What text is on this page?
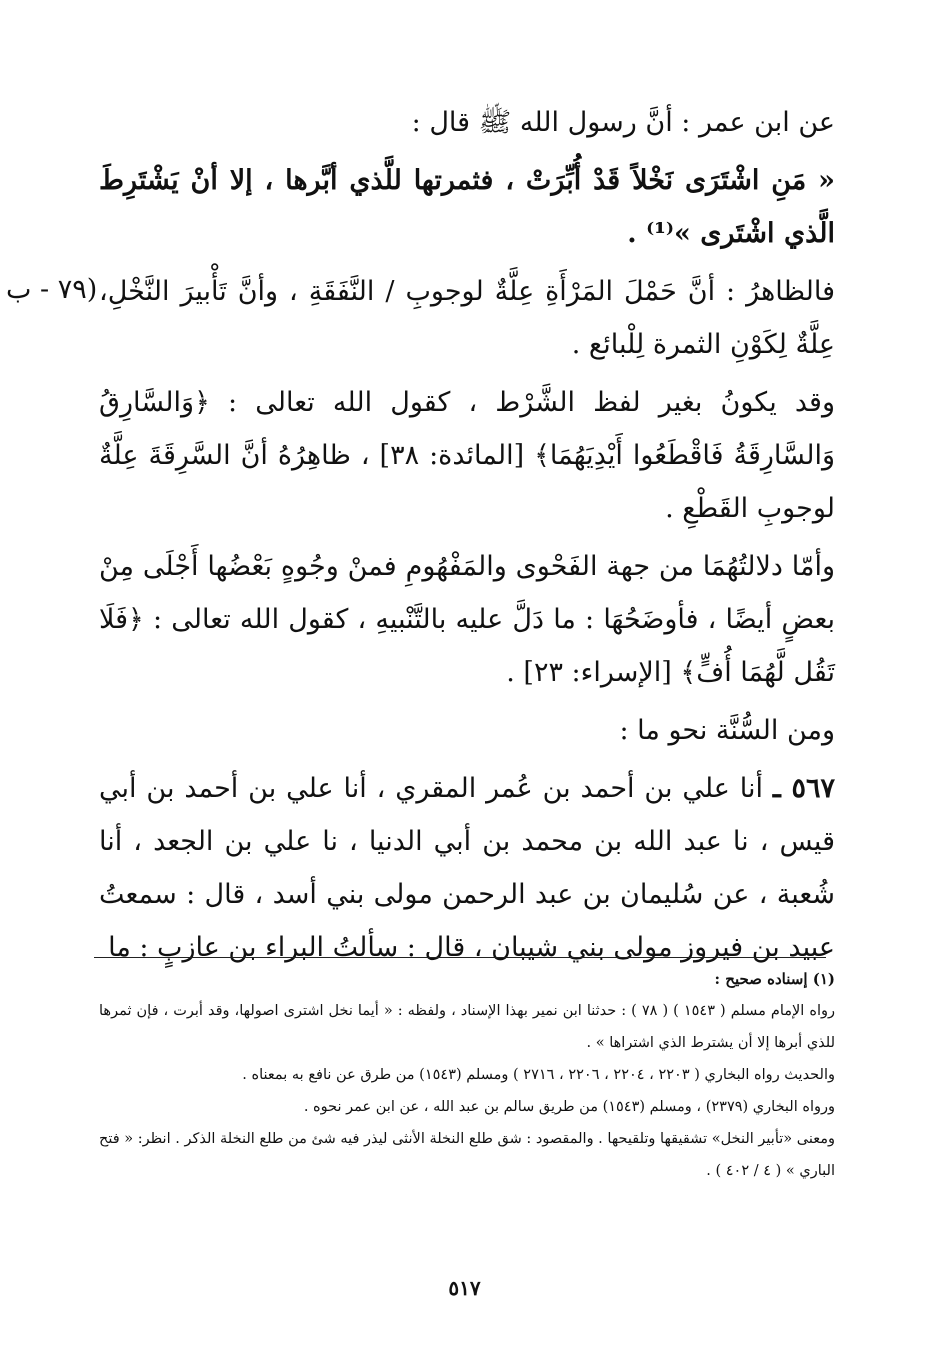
(٧٩ - ب

عن ابن عمر : أنَّ رسول الله ﷺ قال :

« مَنِ اشْتَرَى نَخْلاً قَدْ أُبِّرَتْ ، فثمرتها للَّذي أبَّرها ، إلا أنْ يَشْتَرِطَ الَّذي اشْتَرى »⁽¹⁾ .

فالظاهرُ : أنَّ حَمْلَ المَرْأَةِ عِلَّةٌ لوجوبِ / النَّفَقَةِ ، وأنَّ تَأْبيرَ النَّخْلِ، عِلَّةٌ لِكَوْنِ الثمرة لِلْبائع .

وقد يكونُ بغير لفظ الشَّرْط ، كقول الله تعالى : ﴿وَالسَّارِقُ وَالسَّارِقَةُ فَاقْطَعُوا أَيْدِيَهُمَا﴾ [المائدة: ٣٨] ، ظاهِرُهُ أنَّ السَّرِقَةَ عِلَّةٌ لوجوبِ القَطْعِ .

وأمّا دلالتُهُمَا من جهة الفَحْوى والمَفْهُومِ فمنْ وجُوهٍ بَعْضُها أَجْلَى مِنْ بعضٍ أيضًا ، فأوضَحُهَا : ما دَلَّ عليه بالتَّنْبيهِ ، كقول الله تعالى : ﴿فَلَا تَقُل لَّهُمَا أُفٍّ﴾ [الإسراء: ٢٣] .

ومن السُّنَّة نحو ما :

٥٦٧ ـ أنا علي بن أحمد بن عُمر المقري ، أنا علي بن أحمد بن أبي قيس ، نا عبد الله بن محمد بن أبي الدنيا ، نا علي بن الجعد ، أنا شُعبة ، عن سُليمان بن عبد الرحمن مولى بني أسد ، قال : سمعتُ عبيد بن فيروز مولى بني شيبان ، قال : سألتُ البراء بن عازبٍ : ما

(١) إسناده صحيح :

رواه الإمام مسلم ( ١٥٤٣ ) ( ٧٨ ) : حدثنا ابن نمير بهذا الإسناد ، ولفظه : « أيما نخل اشترى اصولها، وقد أبرت ، فإن ثمرها للذي أبرها إلا أن يشترط الذي اشتراها » .

والحديث رواه البخاري ( ٢٢٠٣ ، ٢٢٠٤ ، ٢٢٠٦ ، ٢٧١٦ ) ومسلم (١٥٤٣) من طرق عن نافع به بمعناه .

ورواه البخاري (٢٣٧٩) ، ومسلم (١٥٤٣) من طريق سالم بن عبد الله ، عن ابن عمر نحوه .

ومعنى «تأبير النخل» تشقيقها وتلقيحها . والمقصود : شق طلع النخلة الأنثى ليذر فيه شئ من طلع النخلة الذكر . انظر: « فتح الباري » ( ٤ / ٤٠٢ ) .

٥١٧
